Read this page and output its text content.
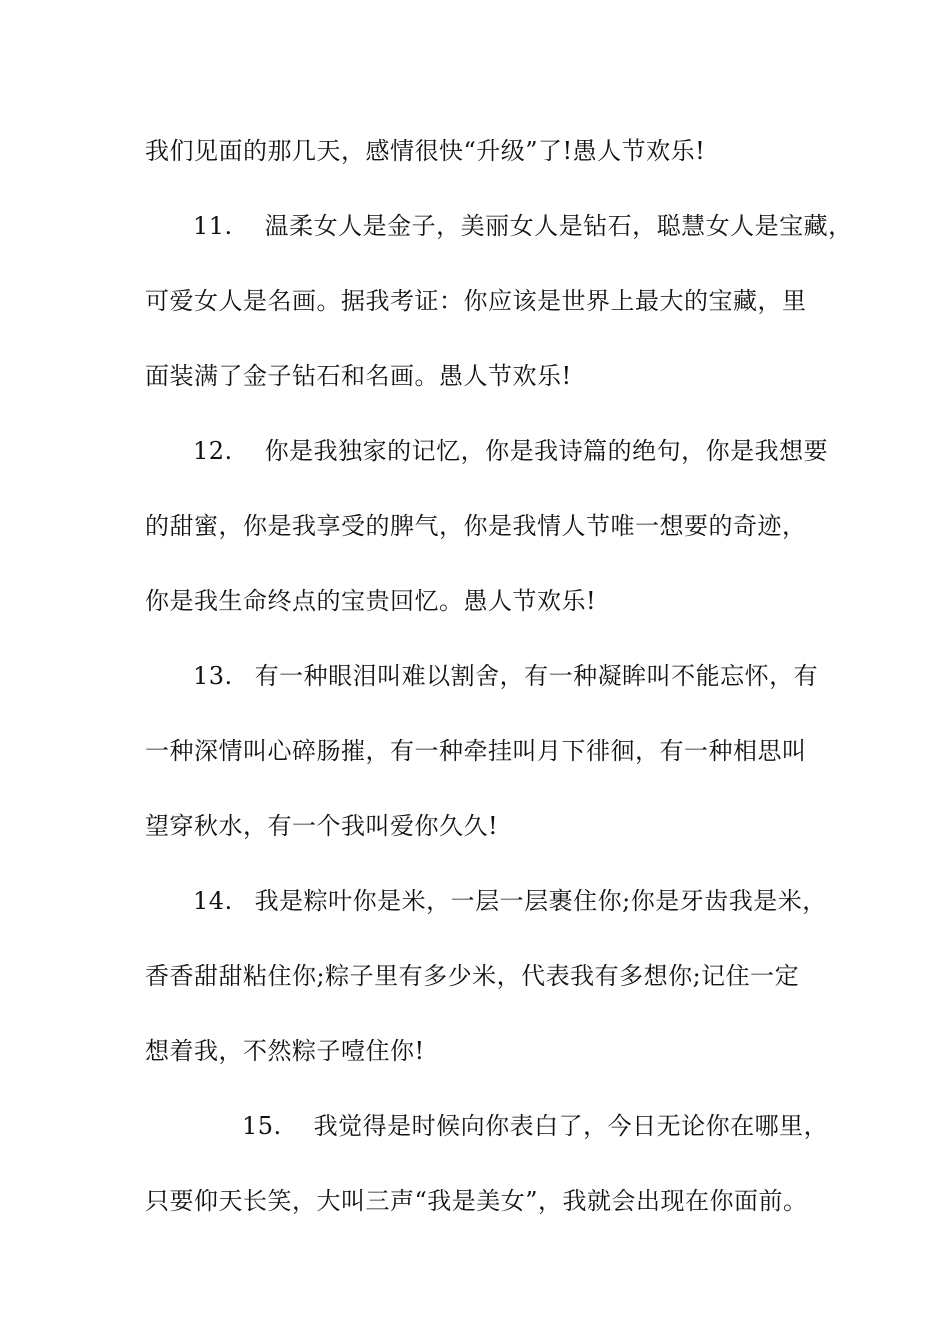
我们见面的那几天，感情很快“升级”了!愚人节欢乐!
11. 温柔女人是金子，美丽女人是钻石，聪慧女人是宝藏，
可爱女人是名画。据我考证：你应该是世界上最大的宝藏，里
面装满了金子钻石和名画。愚人节欢乐!
12. 你是我独家的记忆，你是我诗篇的绝句，你是我想要
的甜蜜，你是我享受的脾气，你是我情人节唯一想要的奇迹，
你是我生命终点的宝贵回忆。愚人节欢乐!
13. 有一种眼泪叫难以割舍，有一种凝眸叫不能忘怀，有
一种深情叫心碎肠摧，有一种牵挂叫月下徘徊，有一种相思叫
望穿秋水，有一个我叫爱你久久!
14. 我是粽叶你是米，一层一层裹住你;你是牙齿我是米，
香香甜甜粘住你;粽子里有多少米，代表我有多想你;记住一定
想着我，不然粽子噎住你!
15. 我觉得是时候向你表白了，今日无论你在哪里，
只要仰天长笑，大叫三声“我是美女”，我就会出现在你面前。
